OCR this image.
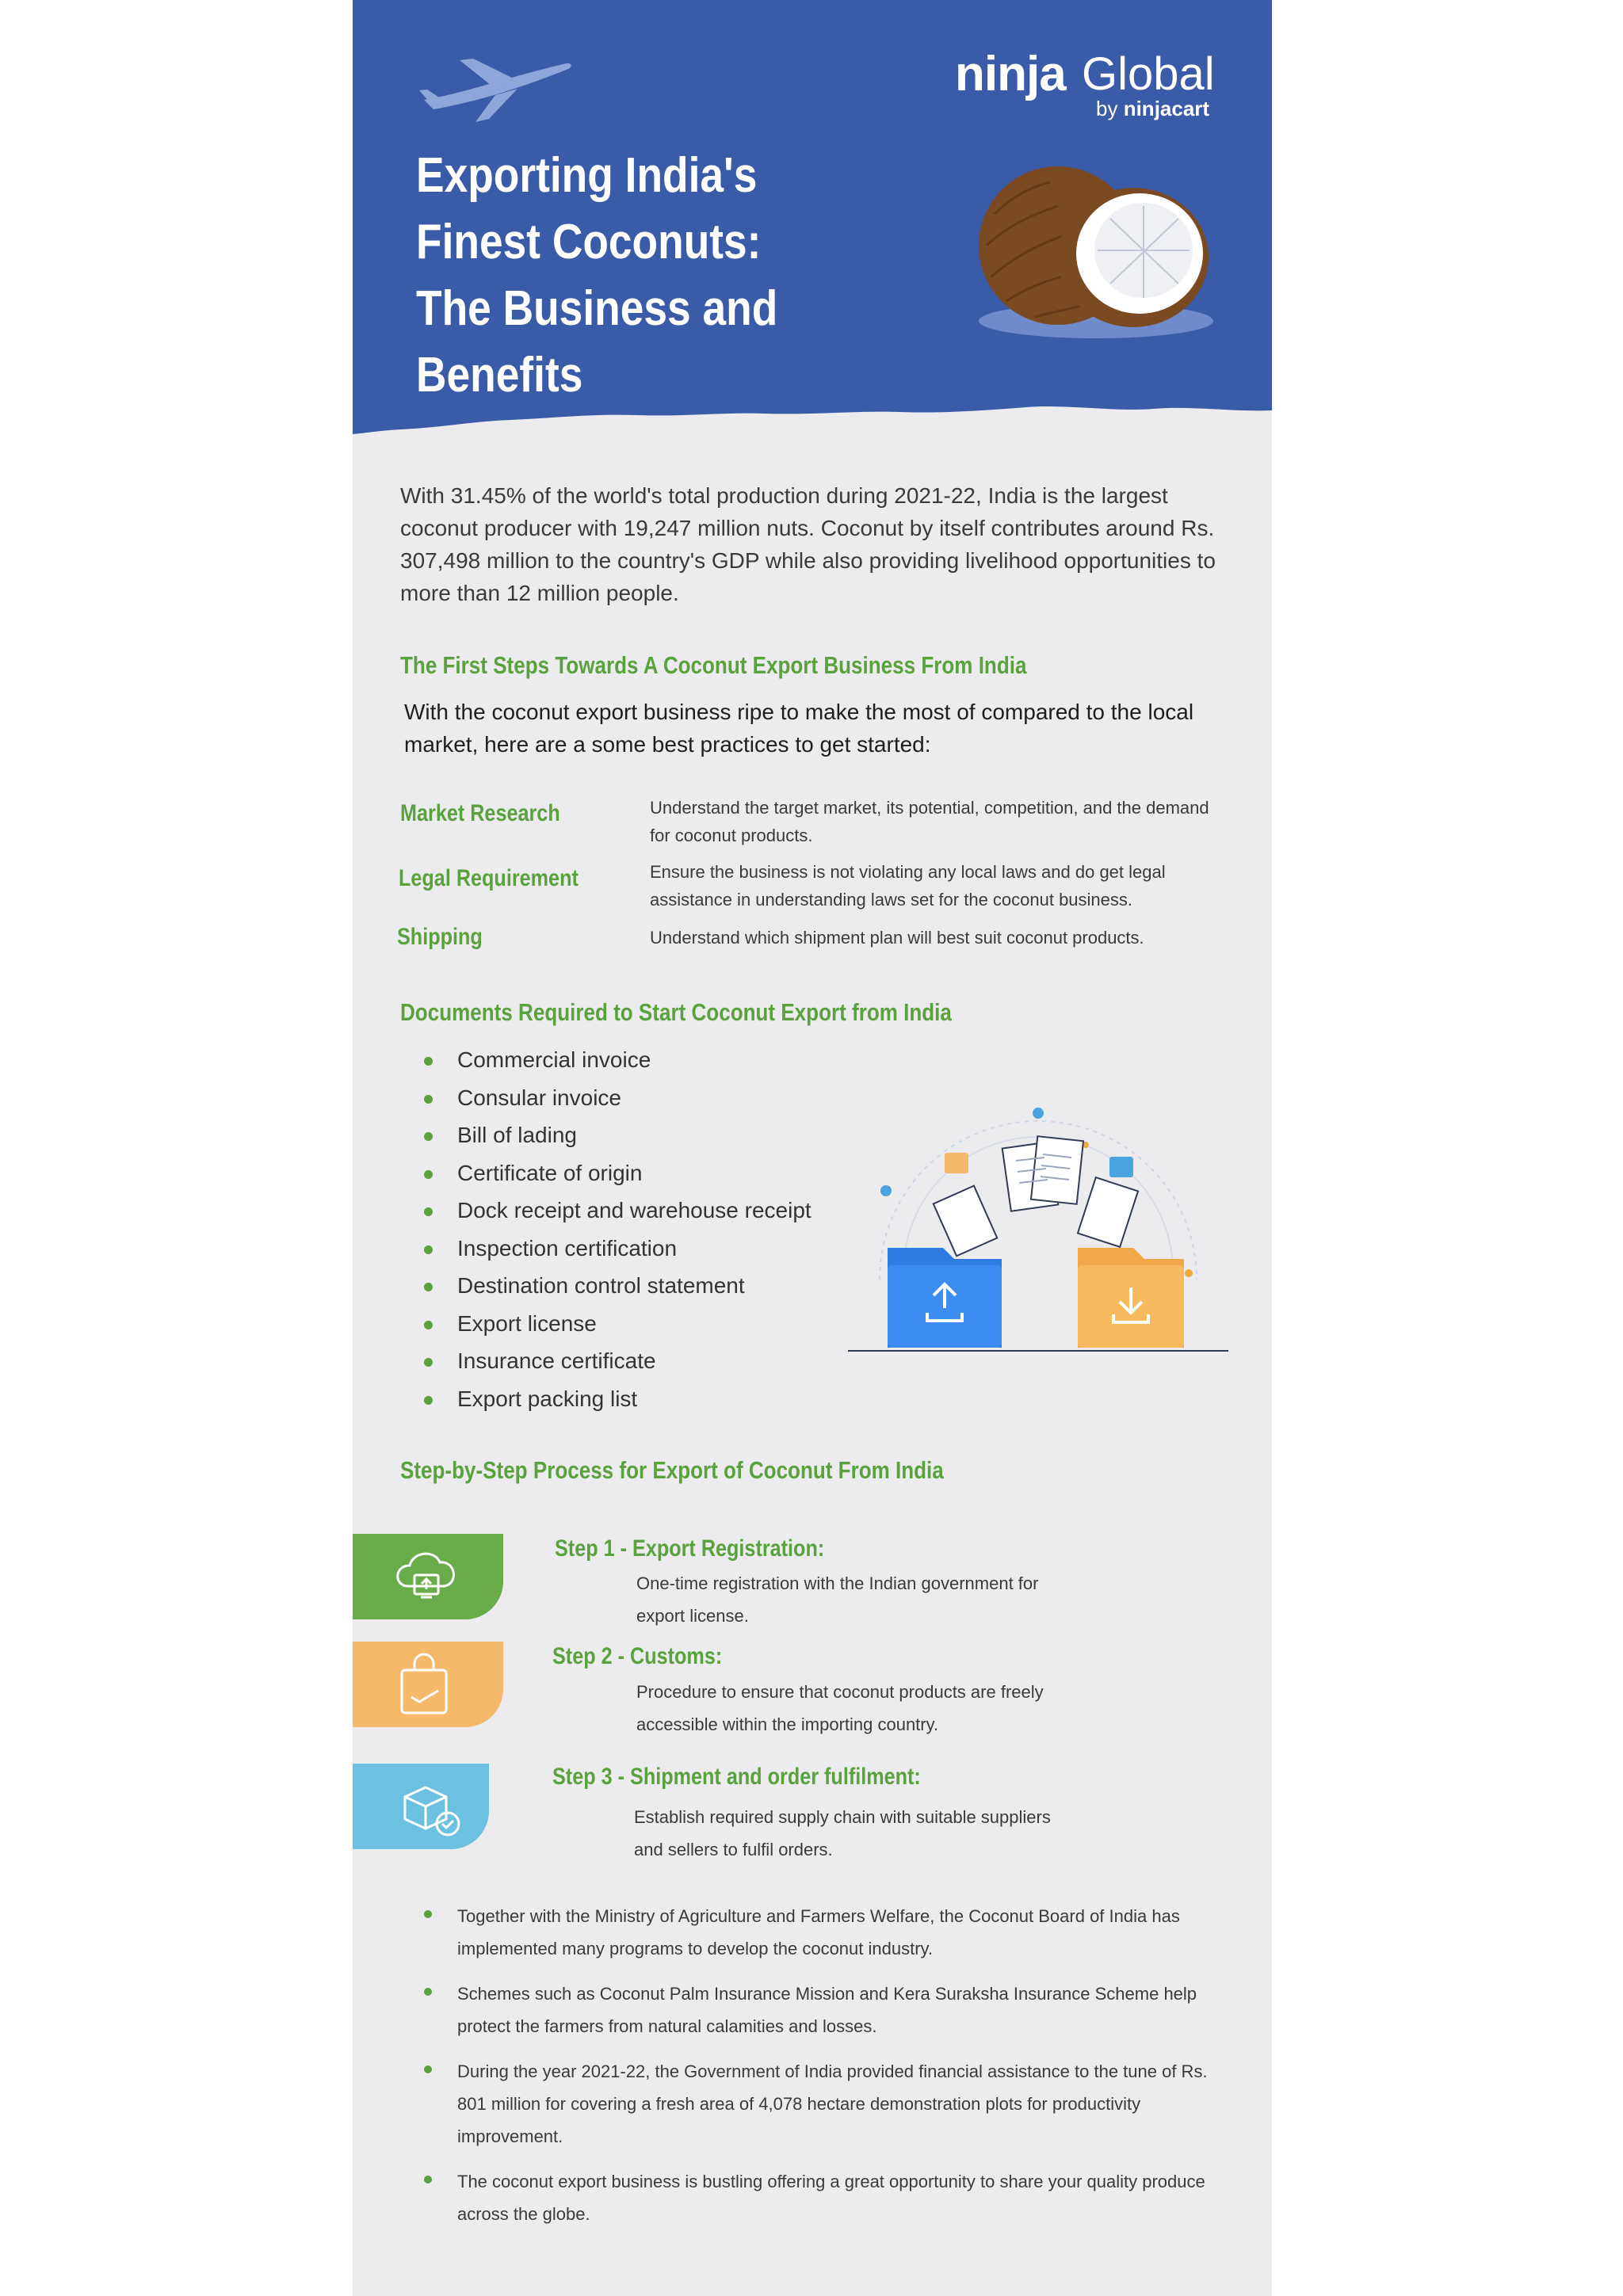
ninja Global
by ninjacart
Exporting India's Finest Coconuts: The Business and Benefits
With 31.45% of the world's total production during 2021-22, India is the largest coconut producer with 19,247 million nuts. Coconut by itself contributes around Rs. 307,498 million to the country's GDP while also providing livelihood opportunities to more than 12 million people.
The First Steps Towards A Coconut Export Business From India
With the coconut export business ripe to make the most of compared to the local market, here are a some best practices to get started:
Market Research	Understand the target market, its potential, competition, and the demand for coconut products.
Legal Requirement	Ensure the business is not violating any local laws and do get legal assistance in understanding laws set for the coconut business.
Shipping	Understand which shipment plan will best suit coconut products.
Documents Required to Start Coconut Export from India
Commercial invoice
Consular invoice
Bill of lading
Certificate of origin
Dock receipt and warehouse receipt
Inspection certification
Destination control statement
Export license
Insurance certificate
Export packing list
Step-by-Step Process for Export of Coconut From India
Step 1 - Export Registration:
One-time registration with the Indian government for export license.
Step 2 - Customs:
Procedure to ensure that coconut products are freely accessible within the importing country.
Step 3 - Shipment and order fulfilment:
Establish required supply chain with suitable suppliers and sellers to fulfil orders.
Together with the Ministry of Agriculture and Farmers Welfare, the Coconut Board of India has implemented many programs to develop the coconut industry.
Schemes such as Coconut Palm Insurance Mission and Kera Suraksha Insurance Scheme help protect the farmers from natural calamities and losses.
During the year 2021-22, the Government of India provided financial assistance to the tune of Rs. 801 million for covering a fresh area of 4,078 hectare demonstration plots for productivity improvement.
The coconut export business is bustling offering a great opportunity to share your quality produce across the globe.
